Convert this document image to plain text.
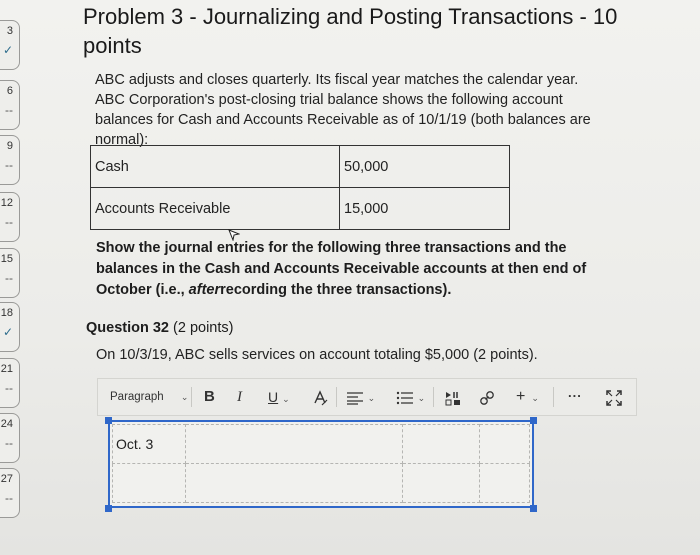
3
✓
6
--
9
--
12
--
15
--
18
✓
21
--
24
--
27
--
Problem 3 - Journalizing and Posting Transactions - 10 points
ABC adjusts and closes quarterly. Its fiscal year matches the calendar year. ABC Corporation's post-closing trial balance shows the following account balances for Cash and Accounts Receivable as of 10/1/19 (both balances are normal):
Cash	50,000
Accounts Receivable	15,000
Show the journal entries for the following three transactions and the balances in the Cash and Accounts Receivable accounts at then end of October (i.e., afterrecording the three transactions).
Question 32 (2 points)
On 10/3/19, ABC sells services on account totaling $5,000 (2 points).
Paragraph ⌄ B I U ⌄	⌄	⌄	+ ⌄ ...
Oct. 3			
